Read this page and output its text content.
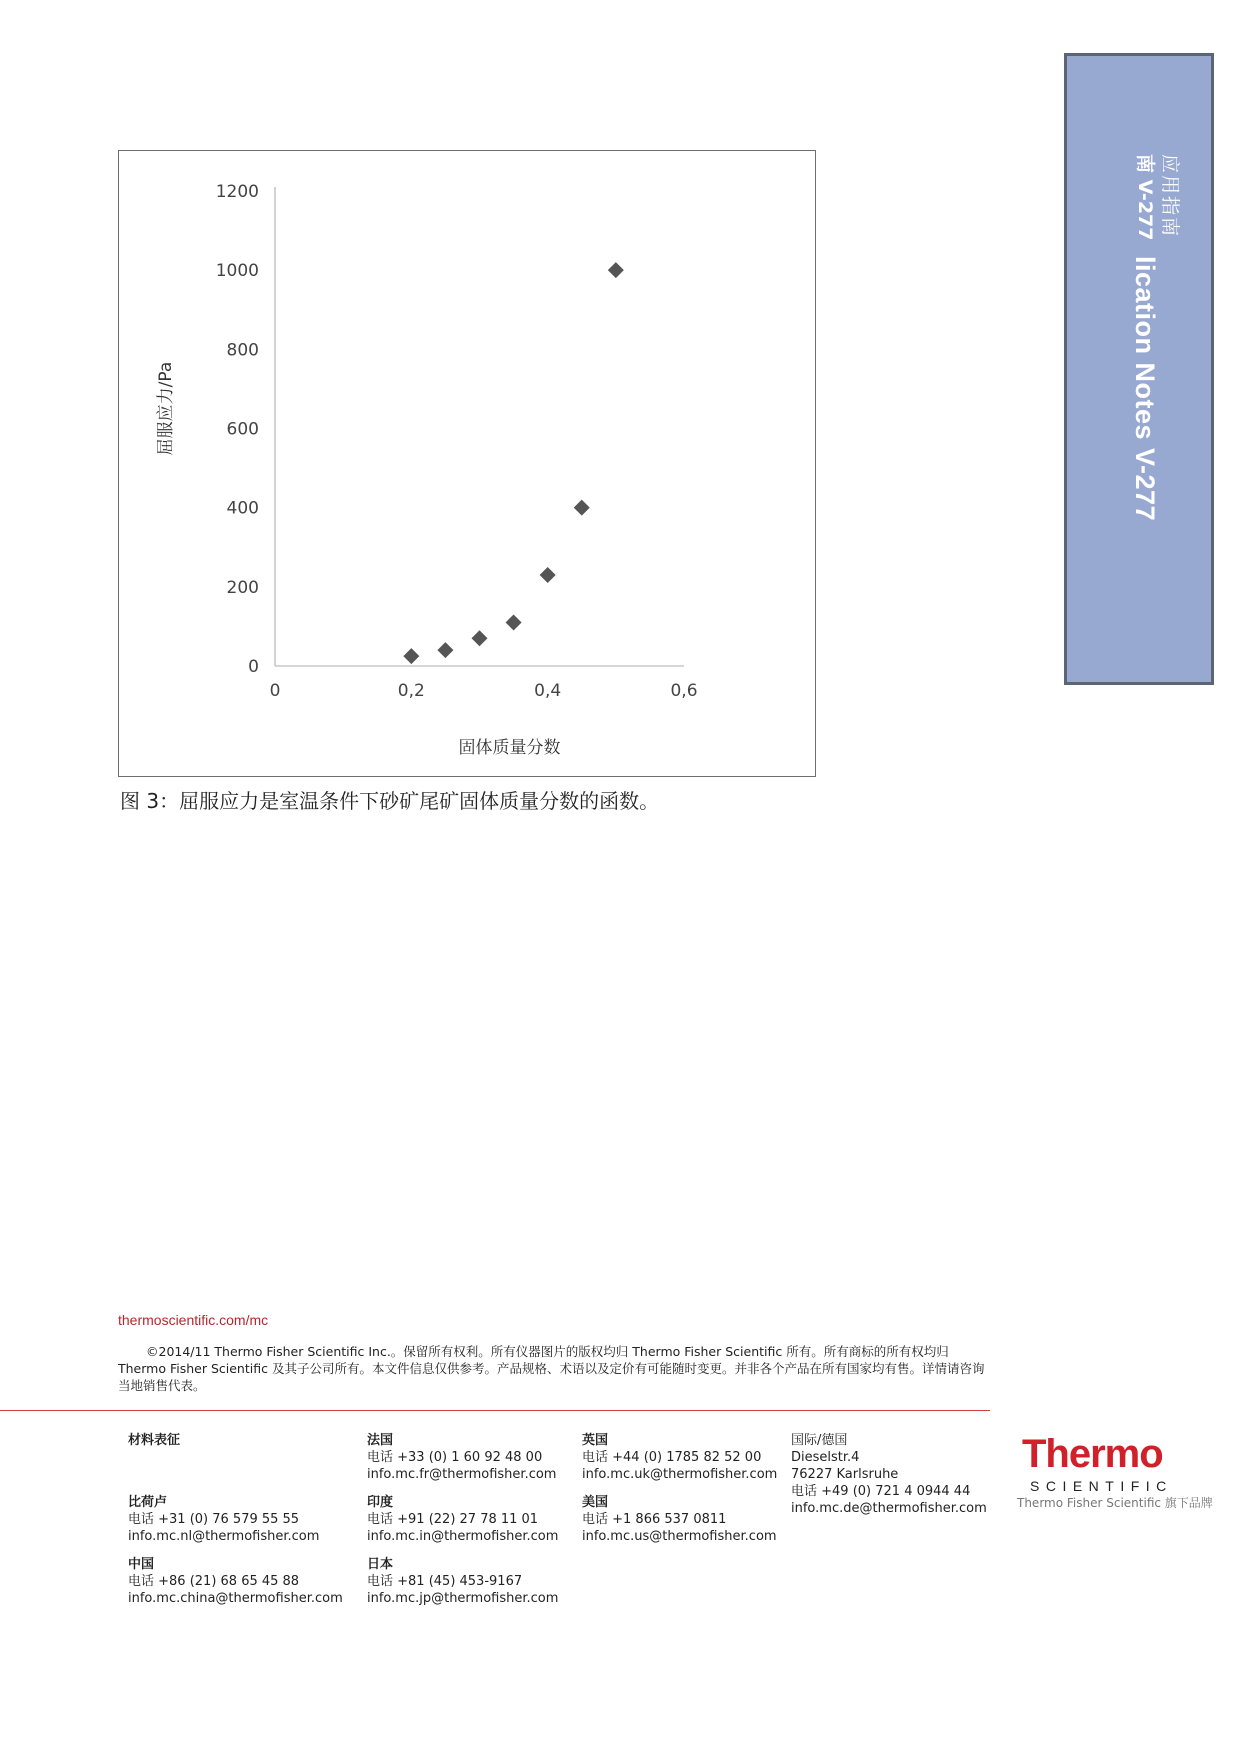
应用指南
南 V-277
lication Notes V-277
0
200
400
600
800
1000
1200
0	0,2	0,4	0,6
固体质量分数
屈服应力/Pa
图 3：屈服应力是室温条件下砂矿尾矿固体质量分数的函数。
thermoscientific.com/mc
©2014/11 Thermo Fisher Scientific Inc.。保留所有权利。所有仪器图片的版权均归 Thermo Fisher Scientific 所有。所有商标的所有权均归 Thermo Fisher Scientific 及其子公司所有。本文件信息仅供参考。产品规格、术语以及定价有可能随时变更。并非各个产品在所有国家均有售。详情请咨询当地销售代表。
材料表征
比荷卢
电话 +31 (0) 76 579 55 55
info.mc.nl@thermofisher.com
中国
电话 +86 (21) 68 65 45 88
info.mc.china@thermofisher.com
法国
电话 +33 (0) 1 60 92 48 00
info.mc.fr@thermofisher.com
印度
电话 +91 (22) 27 78 11 01
info.mc.in@thermofisher.com
日本
电话 +81 (45) 453-9167
info.mc.jp@thermofisher.com
英国
电话 +44 (0) 1785 82 52 00
info.mc.uk@thermofisher.com
美国
电话 +1 866 537 0811
info.mc.us@thermofisher.com
国际/德国
Dieselstr.4
76227 Karlsruhe
电话 +49 (0) 721 4 0944 44
info.mc.de@thermofisher.com
Thermo
SCIENTIFIC
Thermo Fisher Scientific 旗下品牌
